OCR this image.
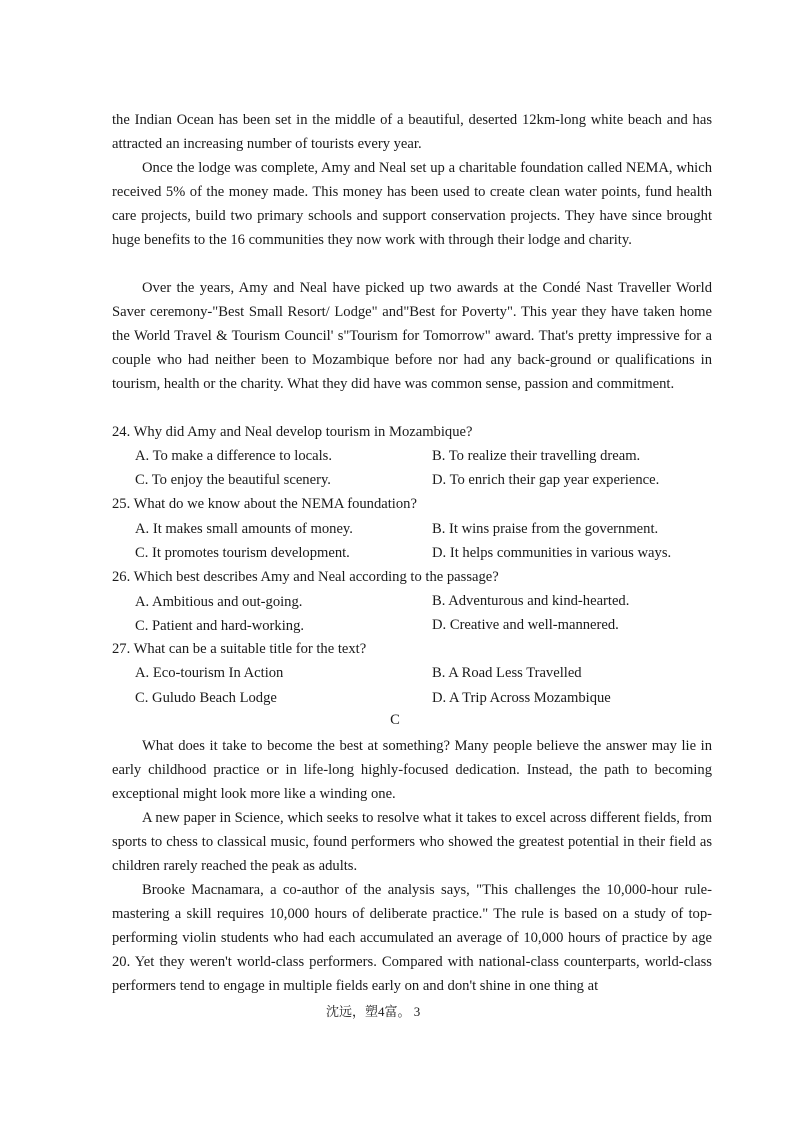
the Indian Ocean has been set in the middle of a beautiful, deserted 12km-long white beach and has attracted an increasing number of tourists every year.

Once the lodge was complete, Amy and Neal set up a charitable foundation called NEMA, which received 5% of the money made. This money has been used to create clean water points, fund health care projects, build two primary schools and support conservation projects. They have since brought huge benefits to the 16 communities they now work with through their lodge and charity.

Over the years, Amy and Neal have picked up two awards at the Condé Nast Traveller World Saver ceremony-"Best Small Resort/ Lodge" and"Best for Poverty". This year they have taken home the World Travel & Tourism Council' s"Tourism for Tomorrow" award. That's pretty impressive for a couple who had neither been to Mozambique before nor had any back-ground or qualifications in tourism, health or the charity. What they did have was common sense, passion and commitment.

24. Why did Amy and Neal develop tourism in Mozambique?

A. To make a difference to locals.	B. To realize their travelling dream.

C. To enjoy the beautiful scenery.	D. To enrich their gap year experience.

25. What do we know about the NEMA foundation?

A. It makes small amounts of money.	B. It wins praise from the government.

C. It promotes tourism development.	D. It helps communities in various ways.

26. Which best describes Amy and Neal according to the passage?

A. Ambitious and out-going.	B. Adventurous and kind-hearted.

C. Patient and hard-working.	D. Creative and well-mannered.

27. What can be a suitable title for the text?

A. Eco-tourism In Action	B. A Road Less Travelled

C. Guludo Beach Lodge	D. A Trip Across Mozambique

C

What does it take to become the best at something? Many people believe the answer may lie in early childhood practice or in life-long highly-focused dedication. Instead, the path to becoming exceptional might look more like a winding one.

A new paper in Science, which seeks to resolve what it takes to excel across different fields, from sports to chess to classical music, found performers who showed the greatest potential in their field as children rarely reached the peak as adults.

Brooke Macnamara, a co-author of the analysis says, "This challenges the 10,000-hour rule- mastering a skill requires 10,000 hours of deliberate practice." The rule is based on a study of top-performing violin students who had each accumulated an average of 10,000 hours of practice by age 20. Yet they weren't world-class performers. Compared with national-class counterparts, world-class performers tend to engage in multiple fields early on and don't shine in one thing at

沈远，塑4富。 3
